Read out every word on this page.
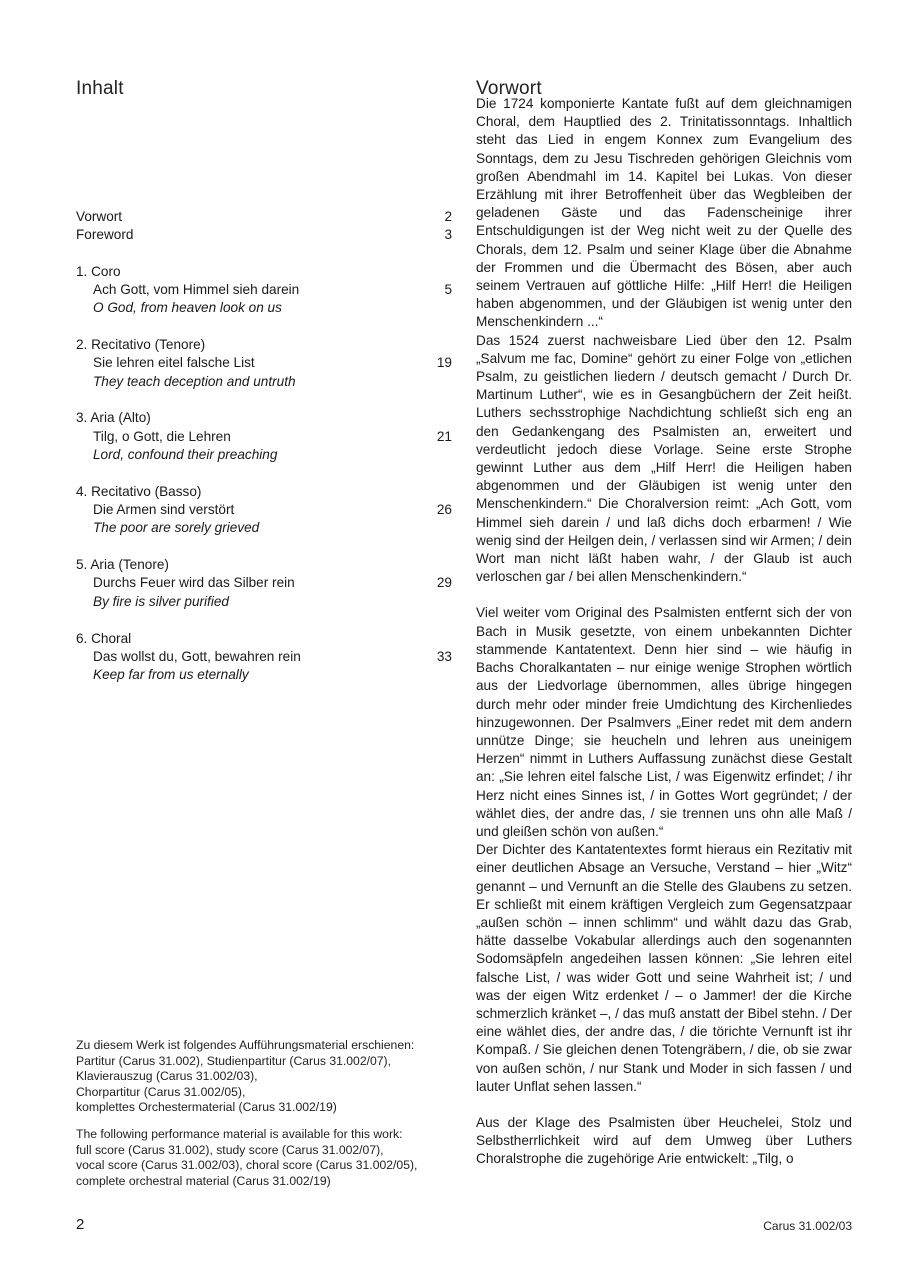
Inhalt	Vorwort
Vorwort	2
Foreword	3
1. Coro
Ach Gott, vom Himmel sieh darein	5
O God, from heaven look on us
2. Recitativo (Tenore)
Sie lehren eitel falsche List	19
They teach deception and untruth
3. Aria (Alto)
Tilg, o Gott, die Lehren	21
Lord, confound their preaching
4. Recitativo (Basso)
Die Armen sind verstört	26
The poor are sorely grieved
5. Aria (Tenore)
Durchs Feuer wird das Silber rein	29
By fire is silver purified
6. Choral
Das wollst du, Gott, bewahren rein	33
Keep far from us eternally

Zu diesem Werk ist folgendes Aufführungsmaterial erschienen:
Partitur (Carus 31.002), Studienpartitur (Carus 31.002/07),
Klavierauszug (Carus 31.002/03),
Chorpartitur (Carus 31.002/05),
komplettes Orchestermaterial (Carus 31.002/19)

The following performance material is available for this work:
full score (Carus 31.002), study score (Carus 31.002/07),
vocal score (Carus 31.002/03), choral score (Carus 31.002/05),
complete orchestral material (Carus 31.002/19)

Die 1724 komponierte Kantate fußt auf dem gleichnamigen Choral, dem Hauptlied des 2. Trinitatissonntags. Inhaltlich steht das Lied in engem Konnex zum Evangelium des Sonntags, dem zu Jesu Tischreden gehörigen Gleichnis vom großen Abendmahl im 14. Kapitel bei Lukas. Von dieser Erzählung mit ihrer Betroffenheit über das Wegbleiben der geladenen Gäste und das Fadenscheinige ihrer Entschuldigungen ist der Weg nicht weit zu der Quelle des Chorals, dem 12. Psalm und seiner Klage über die Abnahme der Frommen und die Übermacht des Bösen, aber auch seinem Vertrauen auf göttliche Hilfe: „Hilf Herr! die Heiligen haben abgenommen, und der Gläubigen ist wenig unter den Menschenkindern ...“

Das 1524 zuerst nachweisbare Lied über den 12. Psalm „Salvum me fac, Domine“ gehört zu einer Folge von „etlichen Psalm, zu geistlichen liedern / deutsch gemacht / Durch Dr. Martinum Luther“, wie es in Gesangbüchern der Zeit heißt. Luthers sechsstrophige Nachdichtung schließt sich eng an den Gedankengang des Psalmisten an, erweitert und verdeutlicht jedoch diese Vorlage. Seine erste Strophe gewinnt Luther aus dem „Hilf Herr! die Heiligen haben abgenommen und der Gläubigen ist wenig unter den Menschenkindern.“ Die Choralversion reimt: „Ach Gott, vom Himmel sieh darein / und laß dichs doch erbarmen! / Wie wenig sind der Heilgen dein, / verlassen sind wir Armen; / dein Wort man nicht läßt haben wahr, / der Glaub ist auch verloschen gar / bei allen Menschenkindern.“

Viel weiter vom Original des Psalmisten entfernt sich der von Bach in Musik gesetzte, von einem unbekannten Dichter stammende Kantatentext. Denn hier sind – wie häufig in Bachs Choralkantaten – nur einige wenige Strophen wörtlich aus der Liedvorlage übernommen, alles übrige hingegen durch mehr oder minder freie Umdichtung des Kirchenliedes hinzugewonnen. Der Psalmvers „Einer redet mit dem andern unnütze Dinge; sie heucheln und lehren aus uneinigem Herzen“ nimmt in Luthers Auffassung zunächst diese Gestalt an: „Sie lehren eitel falsche List, / was Eigenwitz erfindet; / ihr Herz nicht eines Sinnes ist, / in Gottes Wort gegründet; / der wählet dies, der andre das, / sie trennen uns ohn alle Maß / und gleißen schön von außen.“

Der Dichter des Kantatentextes formt hieraus ein Rezitativ mit einer deutlichen Absage an Versuche, Verstand – hier „Witz“ genannt – und Vernunft an die Stelle des Glaubens zu setzen. Er schließt mit einem kräftigen Vergleich zum Gegensatzpaar „außen schön – innen schlimm“ und wählt dazu das Grab, hätte dasselbe Vokabular allerdings auch den sogenannten Sodomsäpfeln angedeihen lassen können: „Sie lehren eitel falsche List, / was wider Gott und seine Wahrheit ist; / und was der eigen Witz erdenket / – o Jammer! der die Kirche schmerzlich kränket –, / das muß anstatt der Bibel stehn. / Der eine wählet dies, der andre das, / die törichte Vernunft ist ihr Kompaß. / Sie gleichen denen Totengräbern, / die, ob sie zwar von außen schön, / nur Stank und Moder in sich fassen / und lauter Unflat sehen lassen.“

Aus der Klage des Psalmisten über Heuchelei, Stolz und Selbstherrlichkeit wird auf dem Umweg über Luthers Choralstrophe die zugehörige Arie entwickelt: „Tilg, o

2	Carus 31.002/03
